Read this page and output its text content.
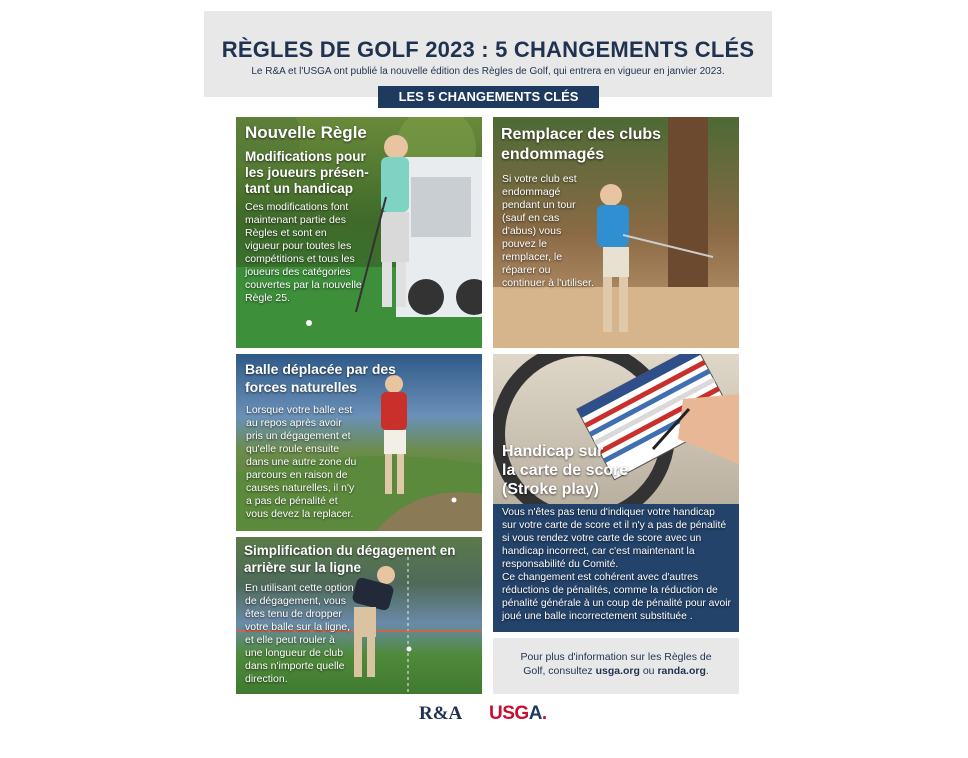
RÈGLES DE GOLF 2023 : 5 CHANGEMENTS CLÉS
Le R&A et l'USGA ont publié la nouvelle édition des Règles de Golf, qui entrera en vigueur en janvier 2023.
LES 5 CHANGEMENTS CLÉS
Nouvelle Règle
Modifications pour
les joueurs présen-
tant un handicap
Ces modifications font
maintenant partie des
Règles et sont en
vigueur pour toutes les
compétitions et tous les
joueurs des catégories
couvertes par la nouvelle
Règle 25.
Remplacer des clubs
endommagés
Si votre club est
endommagé
pendant un tour
(sauf en cas
d'abus) vous
pouvez le
remplacer, le
réparer ou
continuer à l'utiliser.
Balle déplacée par des
forces naturelles
Lorsque votre balle est
au repos après avoir
pris un dégagement et
qu'elle roule ensuite
dans une autre zone du
parcours en raison de
causes naturelles, il n'y
a pas de pénalité et
vous devez la replacer.
Simplification du dégagement en
arrière sur la ligne
En utilisant cette option
de dégagement, vous
êtes tenu de dropper
votre balle sur la ligne,
et elle peut rouler à
une longueur de club
dans n'importe quelle
direction.
Handicap sur
la carte de score
(Stroke play)
Vous n'êtes pas tenu d'indiquer votre handicap
sur votre carte de score et il n'y a pas de pénalité
si vous rendez votre carte de score avec un
handicap incorrect, car c'est maintenant la
responsabilité du Comité.
Ce changement est cohérent avec d'autres
réductions de pénalités, comme la réduction de
pénalité générale à un coup de pénalité pour avoir
joué une balle incorrectement substituée .
Pour plus d'information sur les Règles de
Golf, consultez usga.org ou randa.org.
R&A USGA.
